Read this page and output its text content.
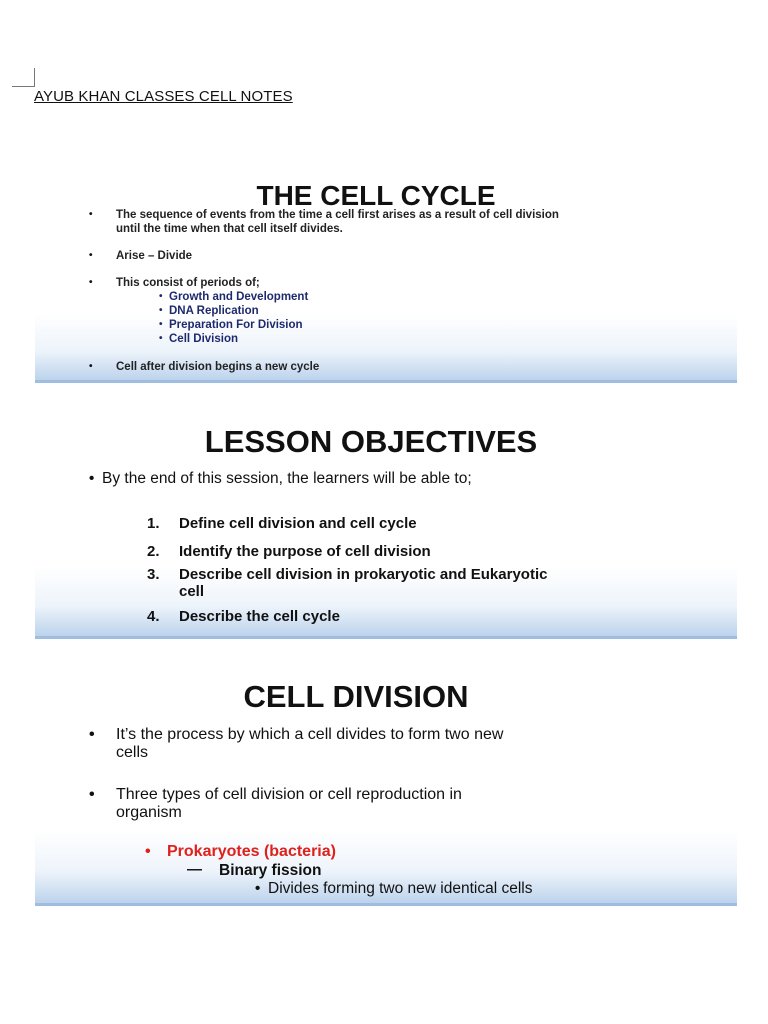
AYUB KHAN CLASSES CELL NOTES
THE CELL CYCLE
• The sequence of events from the time a cell first arises as a result of cell division
until the time when that cell itself divides.
• Arise – Divide
• This consist of periods of;
• Growth and Development
• DNA Replication
• Preparation For Division
• Cell Division
• Cell after division begins a new cycle
LESSON OBJECTIVES
• By the end of this session, the learners will be able to;
1. Define cell division and cell cycle
2. Identify the purpose of cell division
3. Describe cell division in prokaryotic and Eukaryotic
cell
4. Describe the cell cycle
CELL DIVISION
• It’s the process by which a cell divides to form two new
cells
• Three types of cell division or cell reproduction in
organism
• Prokaryotes (bacteria)
— Binary fission
• Divides forming two new identical cells
